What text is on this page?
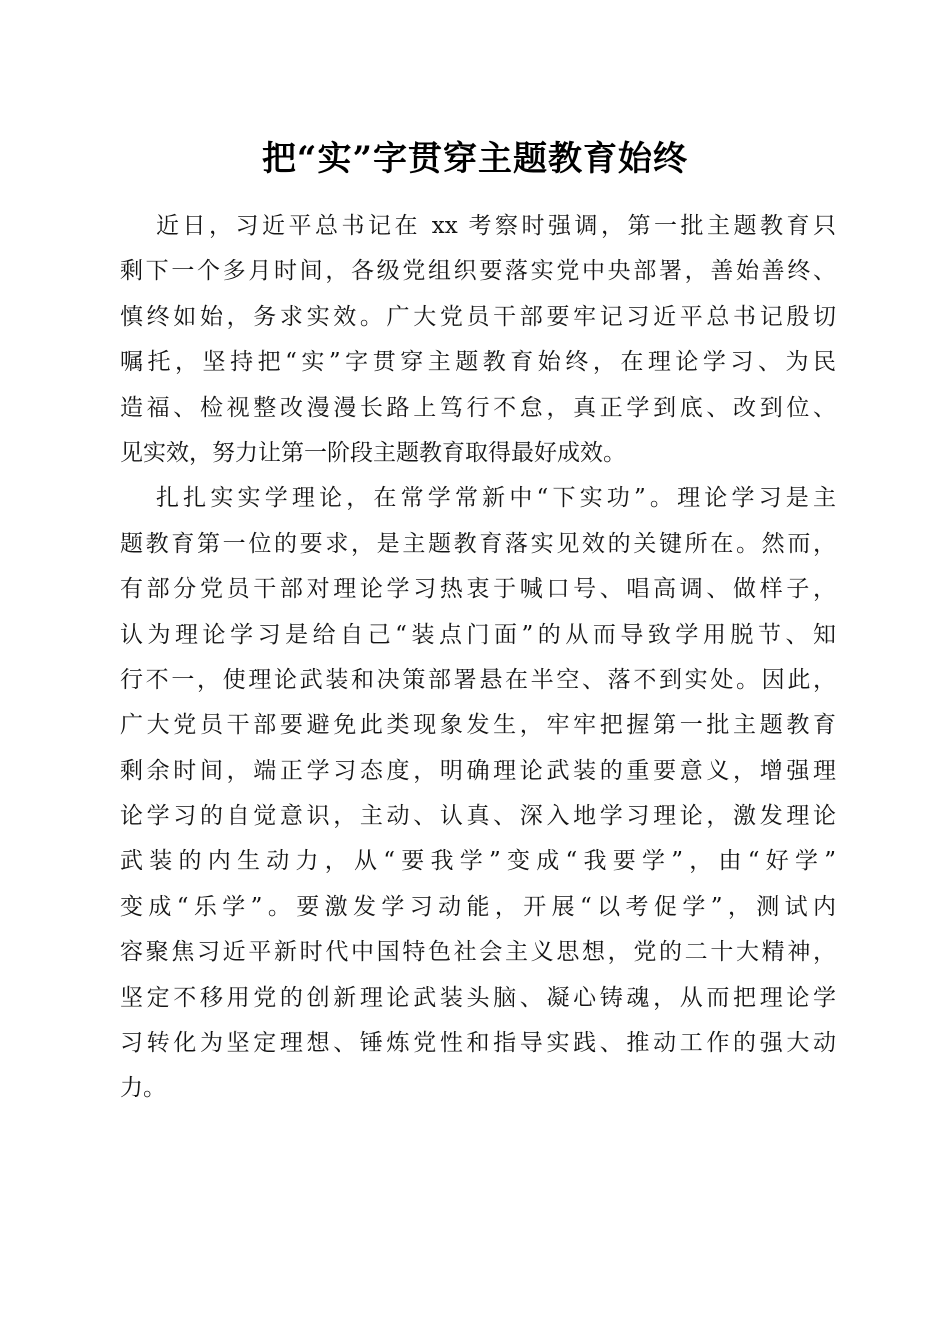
把“实”字贯穿主题教育始终

近日，习近平总书记在 xx 考察时强调，第一批主题教育只
剩下一个多月时间，各级党组织要落实党中央部署，善始善终、
慎终如始，务求实效。广大党员干部要牢记习近平总书记殷切
嘱托，坚持把“实”字贯穿主题教育始终，在理论学习、为民
造福、检视整改漫漫长路上笃行不怠，真正学到底、改到位、
见实效，努力让第一阶段主题教育取得最好成效。

扎扎实实学理论，在常学常新中“下实功”。理论学习是主
题教育第一位的要求，是主题教育落实见效的关键所在。然而，
有部分党员干部对理论学习热衷于喊口号、唱高调、做样子，
认为理论学习是给自己“装点门面”的从而导致学用脱节、知
行不一，使理论武装和决策部署悬在半空、落不到实处。因此，
广大党员干部要避免此类现象发生，牢牢把握第一批主题教育
剩余时间，端正学习态度，明确理论武装的重要意义，增强理
论学习的自觉意识，主动、认真、深入地学习理论，激发理论
武装的内生动力，从“要我学”变成“我要学”，由“好学”
变成“乐学”。要激发学习动能，开展“以考促学”，测试内
容聚焦习近平新时代中国特色社会主义思想，党的二十大精神，
坚定不移用党的创新理论武装头脑、凝心铸魂，从而把理论学
习转化为坚定理想、锤炼党性和指导实践、推动工作的强大动
力。
